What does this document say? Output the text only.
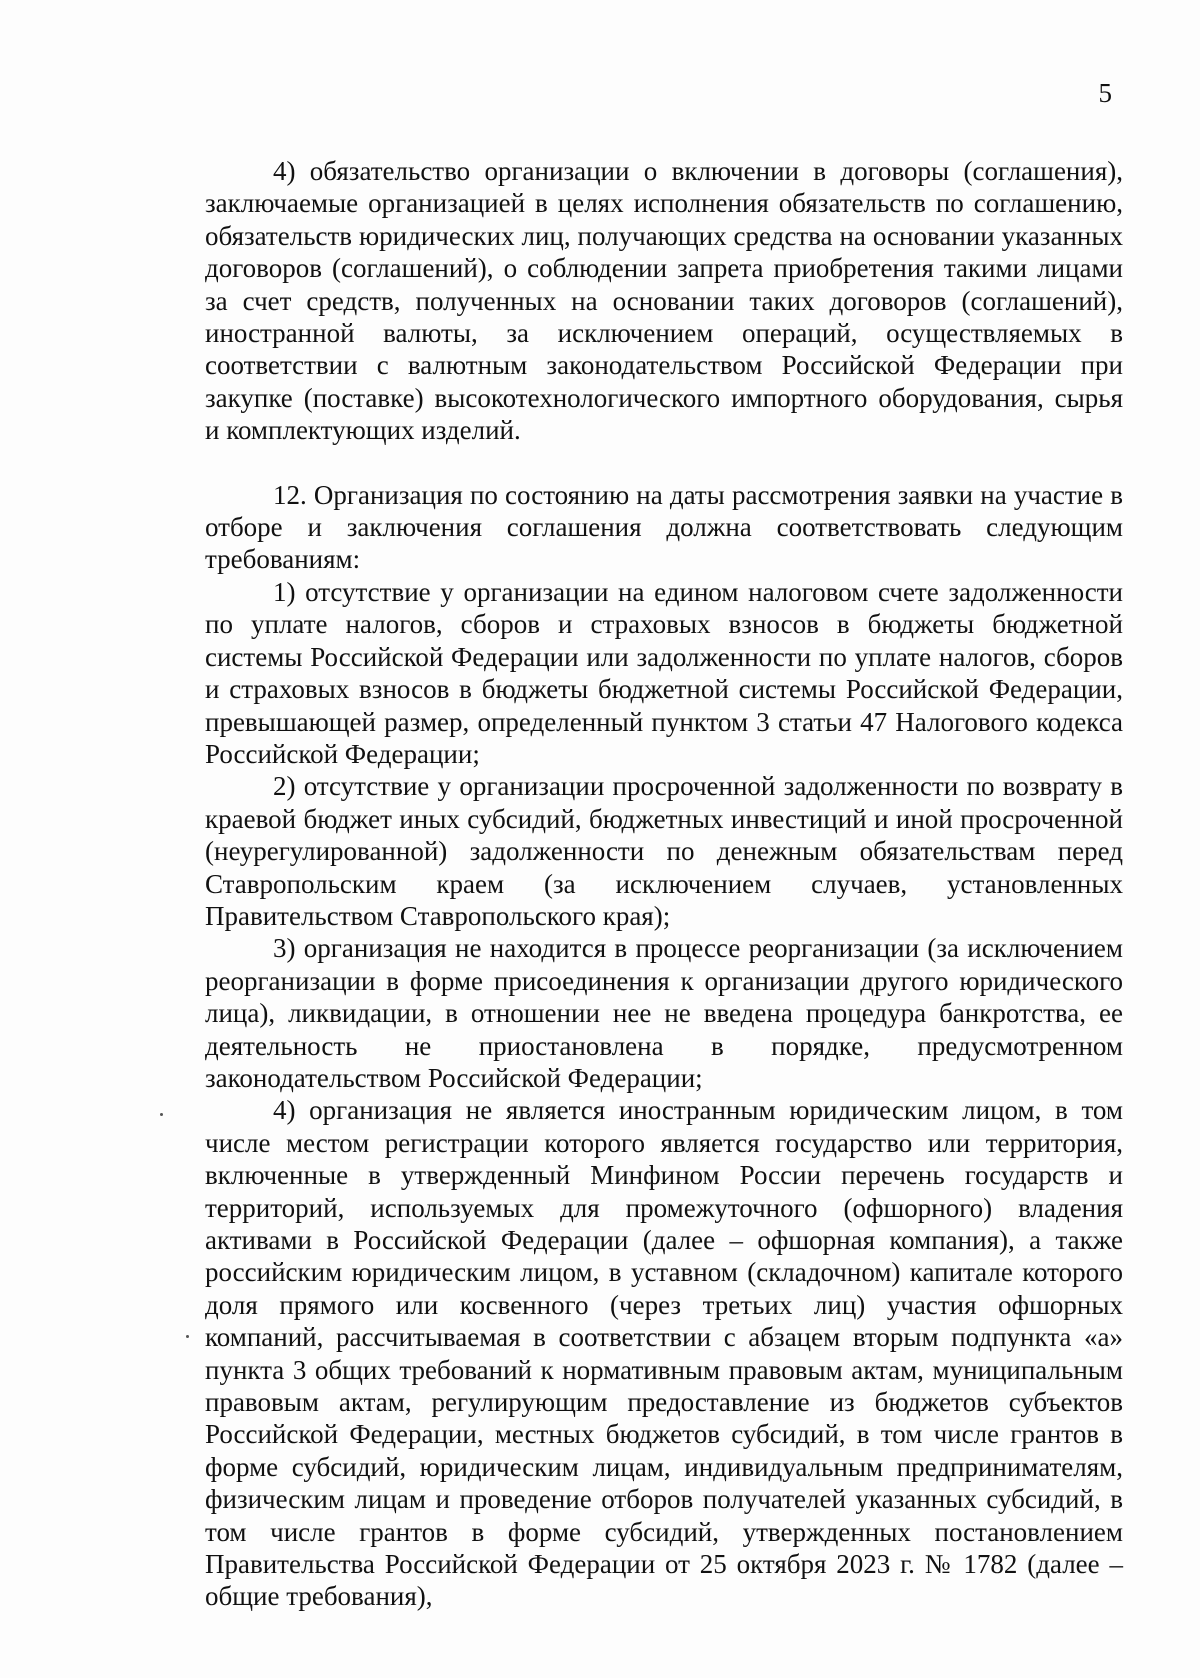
5

4) обязательство организации о включении в договоры (соглашения), заключаемые организацией в целях исполнения обязательств по соглашению, обязательств юридических лиц, получающих средства на основании указанных договоров (соглашений), о соблюдении запрета приобретения такими лицами за счет средств, полученных на основании таких договоров (соглашений), иностранной валюты, за исключением операций, осуществляемых в соответствии с валютным законодательством Российской Федерации при закупке (поставке) высокотехнологического импортного оборудования, сырья и комплектующих изделий.

12. Организация по состоянию на даты рассмотрения заявки на участие в отборе и заключения соглашения должна соответствовать следующим требованиям:

1) отсутствие у организации на едином налоговом счете задолженности по уплате налогов, сборов и страховых взносов в бюджеты бюджетной системы Российской Федерации или задолженности по уплате налогов, сборов и страховых взносов в бюджеты бюджетной системы Российской Федерации, превышающей размер, определенный пунктом 3 статьи 47 Налогового кодекса Российской Федерации;

2) отсутствие у организации просроченной задолженности по возврату в краевой бюджет иных субсидий, бюджетных инвестиций и иной просроченной (неурегулированной) задолженности по денежным обязательствам перед Ставропольским краем (за исключением случаев, установленных Правительством Ставропольского края);

3) организация не находится в процессе реорганизации (за исключением реорганизации в форме присоединения к организации другого юридического лица), ликвидации, в отношении нее не введена процедура банкротства, ее деятельность не приостановлена в порядке, предусмотренном законодательством Российской Федерации;

4) организация не является иностранным юридическим лицом, в том числе местом регистрации которого является государство или территория, включенные в утвержденный Минфином России перечень государств и территорий, используемых для промежуточного (офшорного) владения активами в Российской Федерации (далее – офшорная компания), а также российским юридическим лицом, в уставном (складочном) капитале которого доля прямого или косвенного (через третьих лиц) участия офшорных компаний, рассчитываемая в соответствии с абзацем вторым подпункта «а» пункта 3 общих требований к нормативным правовым актам, муниципальным правовым актам, регулирующим предоставление из бюджетов субъектов Российской Федерации, местных бюджетов субсидий, в том числе грантов в форме субсидий, юридическим лицам, индивидуальным предпринимателям, физическим лицам и проведение отборов получателей указанных субсидий, в том числе грантов в форме субсидий, утвержденных постановлением Правительства Российской Федерации от 25 октября 2023 г. № 1782 (далее – общие требования),
